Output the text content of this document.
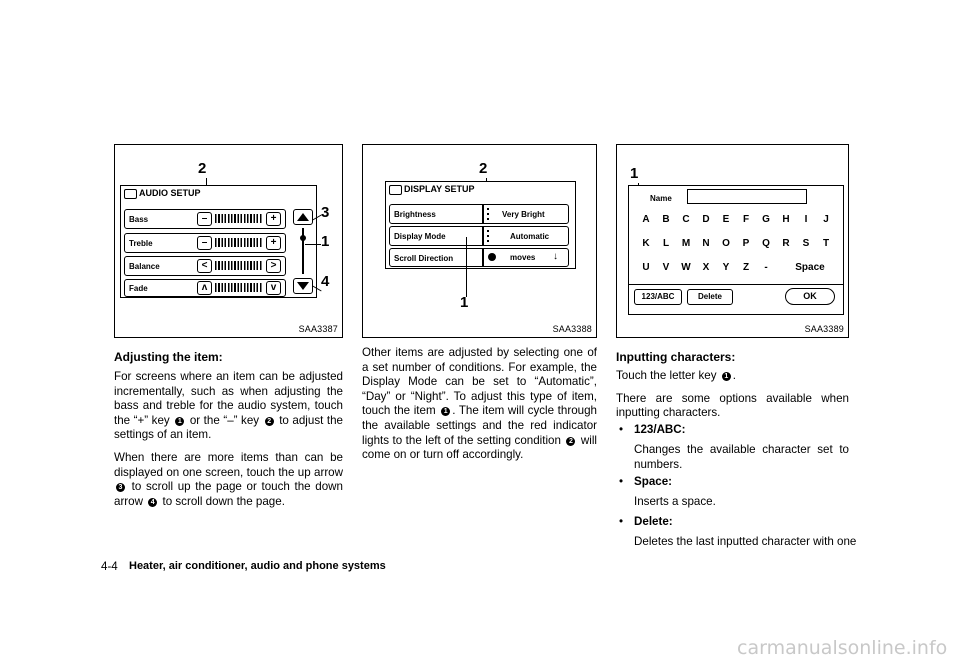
2
AUDIO SETUP
Bass	–	+
Treble	–	+
Balance	<	>
Fade	ʌ	v
3
1
4
SAA3387
2
DISPLAY SETUP
Brightness	Very Bright
Display Mode	Automatic
Scroll Direction	moves ↓
1
SAA3388
1
Name
A	B	C	D	E	F	G	H	I	J
K	L	M	N	O	P	Q	R	S	T
U	V	W	X	Y	Z	-	Space
123/ABC	Delete	OK
SAA3389
Adjusting the item:

For screens where an item can be adjusted incrementally, such as when adjusting the bass and treble for the audio system, touch the “+” key 1 or the “–” key 2 to adjust the settings of an item.

When there are more items than can be displayed on one screen, touch the up arrow 3 to scroll up the page or touch the down arrow 4 to scroll down the page.

Other items are adjusted by selecting one of a set number of conditions. For example, the Display Mode can be set to “Automatic”, “Day” or “Night”. To adjust this type of item, touch the item 1 . The item will cycle through the available settings and the red indicator lights to the left of the setting condition 2 will come on or turn off accordingly.

Inputting characters:

Touch the letter key 1 .

There are some options available when inputting characters.

• 123/ABC:
Changes the available character set to numbers.
• Space:
Inserts a space.
• Delete:
Deletes the last inputted character with one
4-4 Heater, air conditioner, audio and phone systems
carmanualsonline.info
